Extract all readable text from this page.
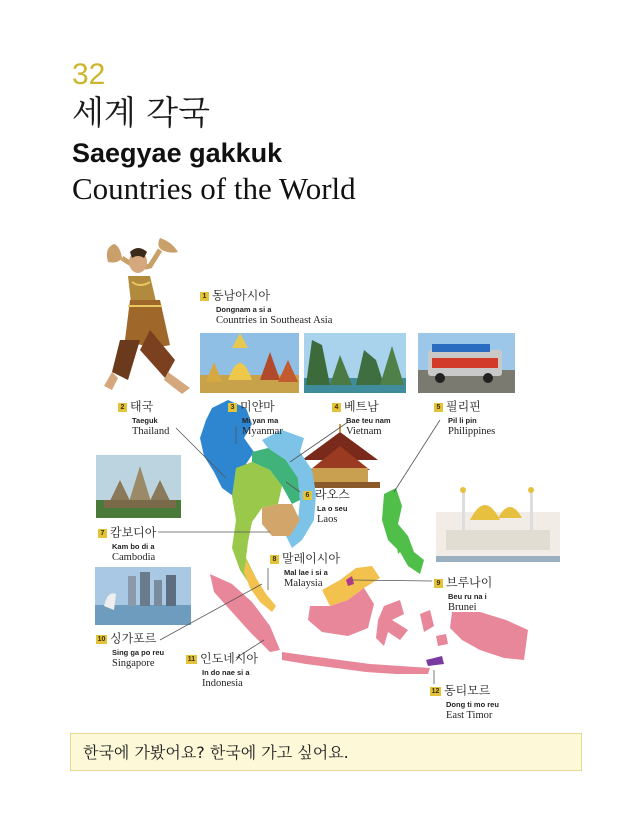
32
세계 각국
Saegyae gakkuk
Countries of the World
1 동남아시아
Dongnam a si a
Countries in Southeast Asia
2 태국
Taeguk
Thailand
3 미얀마
Mi yan ma
Myanmar
4 베트남
Bae teu nam
Vietnam
5 필리핀
Pil li pin
Philippines
6 라오스
La o seu
Laos
7 캄보디아
Kam bo di a
Cambodia	8 말레이시아
Mal lae i si a
Malaysia	9 브루나이
Beu ru na i
Brunei
10 싱가포르
Sing ga po reu
Singapore	11 인도네시아
In do nae si a
Indonesia
12 동티모르
Dong ti mo reu
East Timor
한국에 가봤어요? 한국에 가고 싶어요.
